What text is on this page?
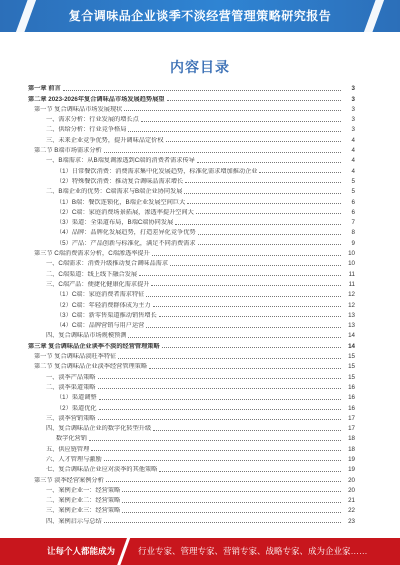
复合调味品企业谈季不淡经营管理策略研究报告
内容目录
第一章 前言	3
第二章 2023-2026年复合调味品市场发展趋势展望	3
第一节 复合调味品市场发展现状	3
一、需求分析：行业发展的增长点	3
二、供给分析：行业竞争格局	3
三、未来企业竞争优势，提升调味品定价权	4
第二节 B端市场需求分析	4
一、B端需求：从B端复调渗透到C端的消费者需求传导	4
（1）日常餐饮消费：消费需求集中化发展趋势，标准化需求增加推动企业	4
（2）特殊餐饮消费：推动复合调味品需求增长	5
二、B端企业的优势：C端需求与B端企业协同发展	5
（1）B端：餐饮连锁化，B端企业发展空间巨大	6
（2）C端：家庭消费场景拓展，渗透率提升空间大	6
（3）渠道：全渠道布局，B端C端协同发展	7
（4）品牌：品牌化发展趋势，打造差异化竞争优势	8
（5）产品：产品创新与标准化，满足不同消费需求	9
第三节 C端消费需求分析，C端渗透率提升	10
一、C端需求：消费升级推动复合调味品需求	10
二、C端渠道：线上线下融合发展	11
三、C端产品：便捷化健康化需求提升	11
（1）C端：家庭消费者需求特征	12
（2）C端：年轻消费群体成为主力	12
（3）C端：新零售渠道推动销售增长	13
（4）C端：品牌营销与用户运营	13
四、复合调味品市场规模预测	14
第三章 复合调味品企业谈季不淡的经营管理策略	14
第一节 复合调味品淡旺季特征	15
第二节 复合调味品企业淡季经营管理策略	15
一、淡季产品策略	15
二、淡季渠道策略	16
（1）渠道调整	16
（2）渠道优化	16
三、淡季营销策略	17
四、复合调味品企业的数字化转型升级	17
数字化营销	18
五、供应链管理	18
六、人才管理与激励	19
七、复合调味品企业应对淡季的其他策略	19
第三节 淡季经营案例分析	20
一、案例企业一：经营策略	20
二、案例企业二：经营策略	21
三、案例企业三：经营策略	22
四、案例启示与总结	23
让每个人都能成为	行业专家、管理专家、营销专家、战略专家、成为企业家……
